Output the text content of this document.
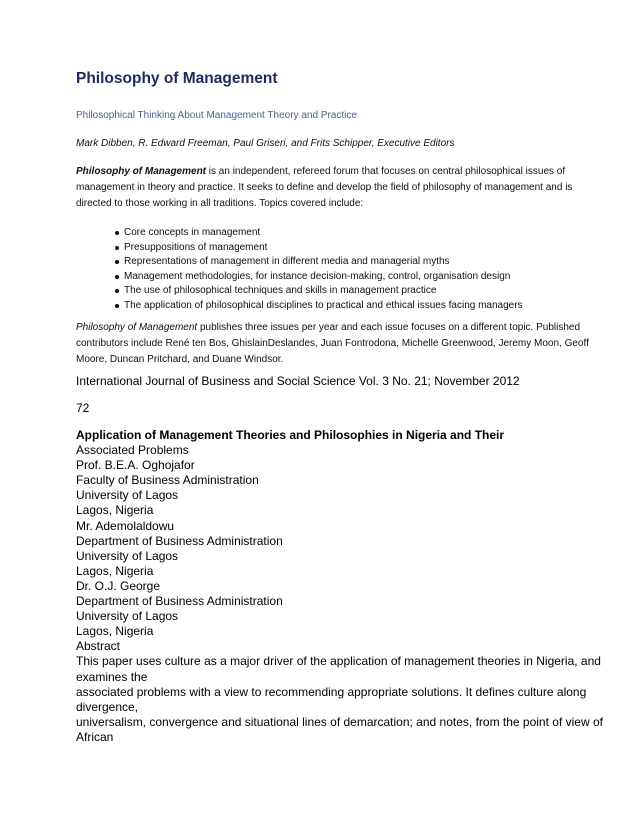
Philosophy of Management
Philosophical Thinking About Management Theory and Practice
Mark Dibben, R. Edward Freeman, Paul Griseri, and Frits Schipper, Executive Editors
Philosophy of Management is an independent, refereed forum that focuses on central philosophical issues of
management in theory and practice. It seeks to define and develop the field of philosophy of management and is
directed to those working in all traditions. Topics covered include:
Core concepts in management
Presuppositions of management
Representations of management in different media and managerial myths
Management methodologies, for instance decision-making, control, organisation design
The use of philosophical techniques and skills in management practice
The application of philosophical disciplines to practical and ethical issues facing managers
Philosophy of Management publishes three issues per year and each issue focuses on a different topic. Published
contributors include René ten Bos, GhislainDeslandes, Juan Fontrodona, Michelle Greenwood, Jeremy Moon, Geoff
Moore, Duncan Pritchard, and Duane Windsor.
International Journal of Business and Social Science Vol. 3 No. 21; November 2012
72
Application of Management Theories and Philosophies in Nigeria and Their
Associated Problems
Prof. B.E.A. Oghojafor
Faculty of Business Administration
University of Lagos
Lagos, Nigeria
Mr. Ademolaldowu
Department of Business Administration
University of Lagos
Lagos, Nigeria
Dr. O.J. George
Department of Business Administration
University of Lagos
Lagos, Nigeria
Abstract
This paper uses culture as a major driver of the application of management theories in Nigeria, and
examines the
associated problems with a view to recommending appropriate solutions. It defines culture along
divergence,
universalism, convergence and situational lines of demarcation; and notes, from the point of view of
African
